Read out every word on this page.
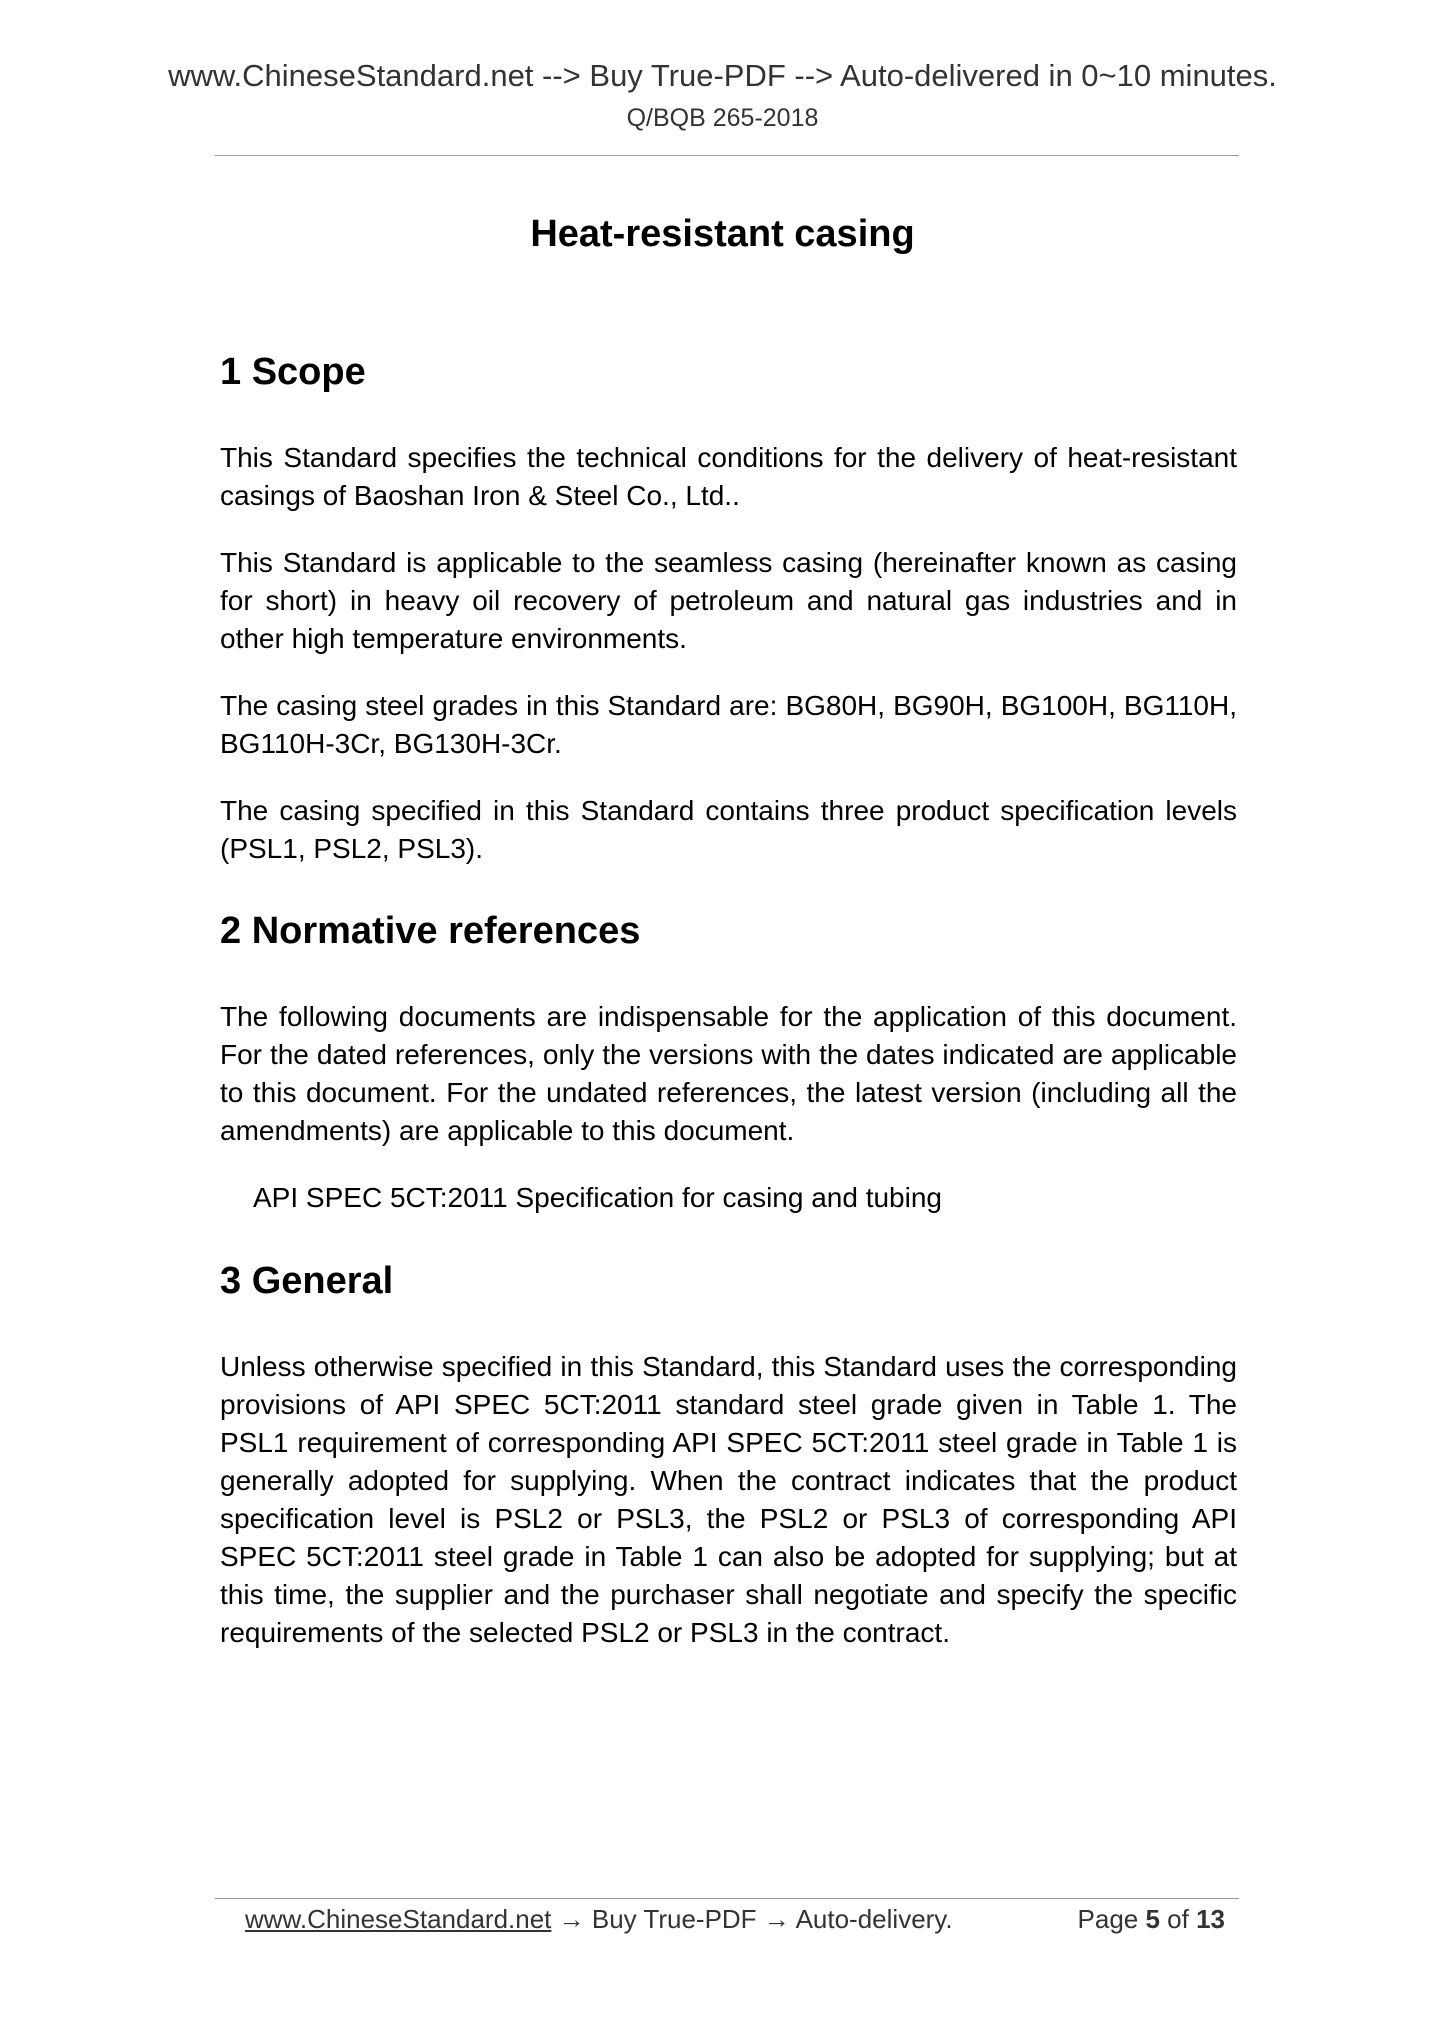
www.ChineseStandard.net --> Buy True-PDF --> Auto-delivered in 0~10 minutes.
Q/BQB 265-2018
Heat-resistant casing
1 Scope

This Standard specifies the technical conditions for the delivery of heat-resistant casings of Baoshan Iron & Steel Co., Ltd..

This Standard is applicable to the seamless casing (hereinafter known as casing for short) in heavy oil recovery of petroleum and natural gas industries and in other high temperature environments.

The casing steel grades in this Standard are: BG80H, BG90H, BG100H, BG110H, BG110H-3Cr, BG130H-3Cr.

The casing specified in this Standard contains three product specification levels (PSL1, PSL2, PSL3).

2 Normative references

The following documents are indispensable for the application of this document. For the dated references, only the versions with the dates indicated are applicable to this document. For the undated references, the latest version (including all the amendments) are applicable to this document.

API SPEC 5CT:2011 Specification for casing and tubing

3 General

Unless otherwise specified in this Standard, this Standard uses the corresponding provisions of API SPEC 5CT:2011 standard steel grade given in Table 1. The PSL1 requirement of corresponding API SPEC 5CT:2011 steel grade in Table 1 is generally adopted for supplying. When the contract indicates that the product specification level is PSL2 or PSL3, the PSL2 or PSL3 of corresponding API SPEC 5CT:2011 steel grade in Table 1 can also be adopted for supplying; but at this time, the supplier and the purchaser shall negotiate and specify the specific requirements of the selected PSL2 or PSL3 in the contract.

www.ChineseStandard.net → Buy True-PDF → Auto-delivery.	Page 5 of 13
